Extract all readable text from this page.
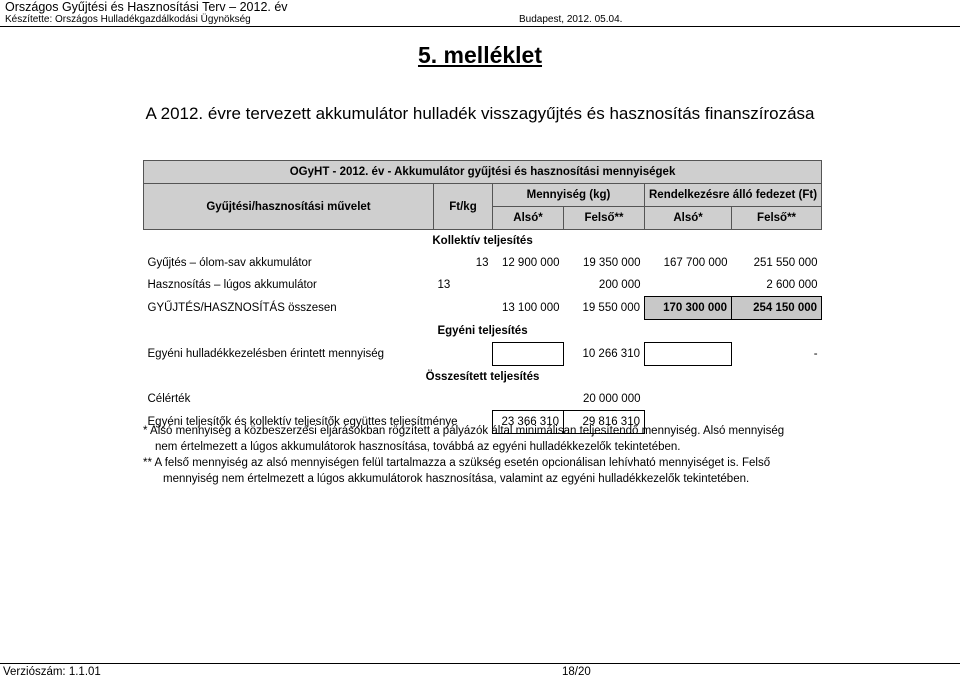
Országos Gyűjtési és Hasznosítási Terv – 2012. év
Készítette: Országos Hulladékgazdálkodási Ügynökség	Budapest, 2012. 05.04.
5. melléklet
A 2012. évre tervezett akkumulátor hulladék visszagyűjtés és hasznosítás finanszírozása
OGyHT - 2012. év - Akkumulátor gyűjtési és hasznosítási mennyiségek					
Gyűjtési/hasznosítási művelet	Ft/kg	Mennyiség (kg)		Rendelkezésre álló fedezet (Ft)	
		Alsó*	Felső**	Alsó*	Felső**
Kollektív teljesítés					
Gyűjtés – ólom-sav akkumulátor	13	12 900 000	19 350 000	167 700 000	251 550 000
Hasznosítás – lúgos akkumulátor	13		200 000		2 600 000
GYŰJTÉS/HASZNOSÍTÁS összesen		13 100 000	19 550 000	170 300 000	254 150 000
Egyéni teljesítés					
Egyéni hulladékkezelésben érintett mennyiség			10 266 310		-
Összesített teljesítés					
Célérték			20 000 000		
Egyéni teljesítők és kollektív teljesítők együttes teljesítménye		23 366 310	29 816 310		
* Alsó mennyiség a közbeszerzési eljárásokban rögzített a pályázók által minimálisan teljesítendő mennyiség. Alsó mennyiség
nem értelmezett a lúgos akkumulátorok hasznosítása, továbbá az egyéni hulladékkezelők tekintetében.
** A felső mennyiség az alsó mennyiségen felül tartalmazza a szükség esetén opcionálisan lehívható mennyiséget is. Felső
mennyiség nem értelmezett a lúgos akkumulátorok hasznosítása, valamint az egyéni hulladékkezelők tekintetében.
Verziószám: 1.1.01	18/20
